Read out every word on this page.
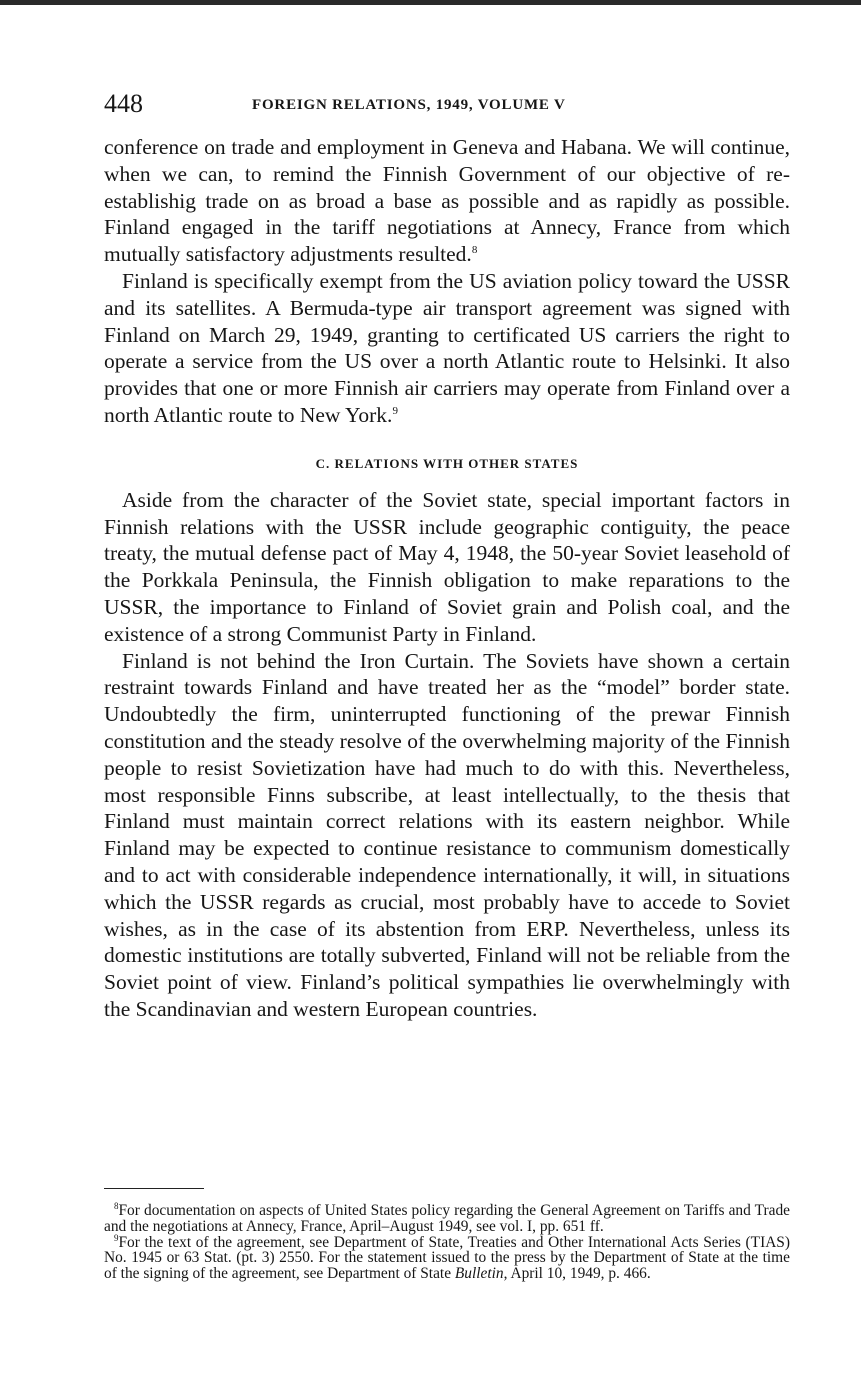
448	FOREIGN RELATIONS, 1949, VOLUME V

conference on trade and employment in Geneva and Habana. We will continue, when we can, to remind the Finnish Government of our objective of re-establishig trade on as broad a base as possible and as rapidly as possible. Finland engaged in the tariff negotiations at Annecy, France from which mutually satisfactory adjustments resulted.$^8$

Finland is specifically exempt from the US aviation policy toward the USSR and its satellites. A Bermuda-type air transport agreement was signed with Finland on March 29, 1949, granting to certificated US carriers the right to operate a service from the US over a north Atlantic route to Helsinki. It also provides that one or more Finnish air carriers may operate from Finland over a north Atlantic route to New York.$^9$

C. RELATIONS WITH OTHER STATES

Aside from the character of the Soviet state, special important factors in Finnish relations with the USSR include geographic contiguity, the peace treaty, the mutual defense pact of May 4, 1948, the 50-year Soviet leasehold of the Porkkala Peninsula, the Finnish obligation to make reparations to the USSR, the importance to Finland of Soviet grain and Polish coal, and the existence of a strong Communist Party in Finland.

Finland is not behind the Iron Curtain. The Soviets have shown a certain restraint towards Finland and have treated her as the “model” border state. Undoubtedly the firm, uninterrupted functioning of the prewar Finnish constitution and the steady resolve of the overwhelming majority of the Finnish people to resist Sovietization have had much to do with this. Nevertheless, most responsible Finns subscribe, at least intellectually, to the thesis that Finland must maintain correct relations with its eastern neighbor. While Finland may be expected to continue resistance to communism domestically and to act with considerable independence internationally, it will, in situations which the USSR regards as crucial, most probably have to accede to Soviet wishes, as in the case of its abstention from ERP. Nevertheless, unless its domestic institutions are totally subverted, Finland will not be reliable from the Soviet point of view. Finland’s political sympathies lie overwhelmingly with the Scandinavian and western European countries.

$^8$For documentation on aspects of United States policy regarding the General Agreement on Tariffs and Trade and the negotiations at Annecy, France, April–August 1949, see vol. I, pp. 651 ff.

$^9$For the text of the agreement, see Department of State, Treaties and Other International Acts Series (TIAS) No. 1945 or 63 Stat. (pt. 3) 2550. For the statement issued to the press by the Department of State at the time of the signing of the agreement, see Department of State Bulletin, April 10, 1949, p. 466.
